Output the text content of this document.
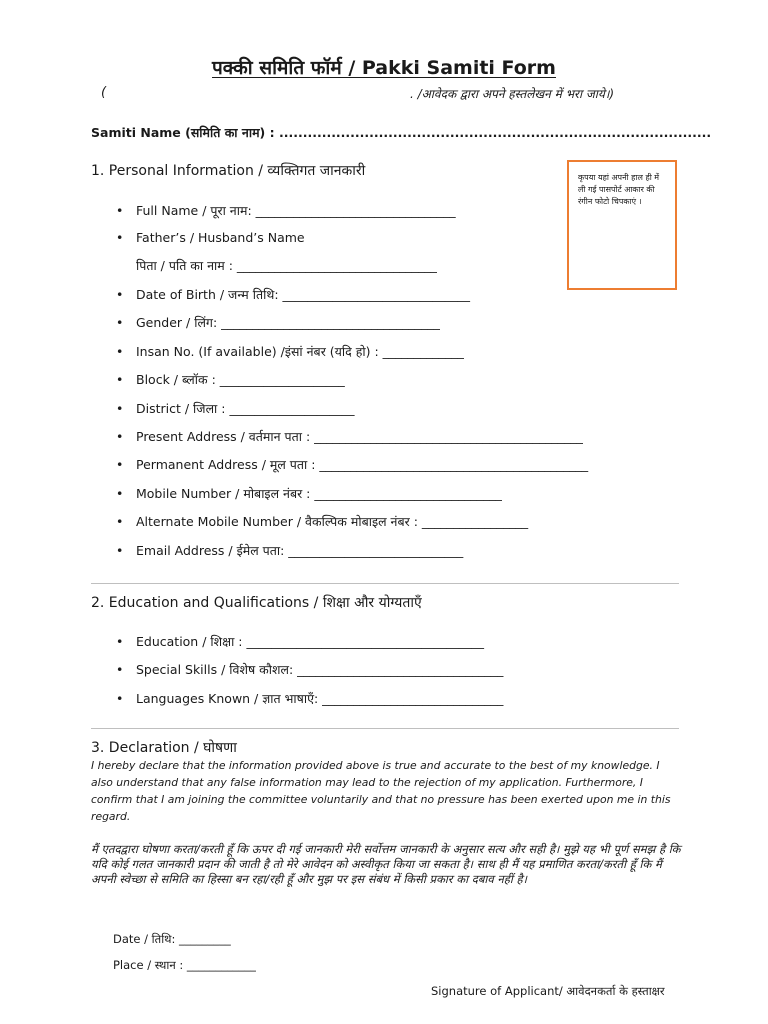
पक्की समिति फॉर्म / Pakki Samiti Form
(	. /आवेदक द्वारा अपने हस्तलेखन में भरा जाये।)
Samiti Name (समिति का नाम) : ...........................................................................................
1. Personal Information / व्यक्तिगत जानकारी	कृपया यहां अपनी हाल ही में ली गई पासपोर्ट आकार की रंगीन फोटो चिपकाएं ।
• Full Name / पूरा नाम: ________________________________
• Father’s / Husband’s Name
पिता / पति का नाम : ________________________________
• Date of Birth / जन्म तिथि: ______________________________
• Gender / लिंग: ___________________________________
• Insan No. (If available) /इंसां नंबर (यदि हो) : _____________
• Block / ब्लॉक : ____________________
• District / जिला : ____________________
• Present Address / वर्तमान पता : ___________________________________________
• Permanent Address / मूल पता : ___________________________________________
• Mobile Number / मोबाइल नंबर : ______________________________
• Alternate Mobile Number / वैकल्पिक मोबाइल नंबर : _________________
• Email Address / ईमेल पता: ____________________________
2. Education and Qualifications / शिक्षा और योग्यताएँ
• Education / शिक्षा : ______________________________________
• Special Skills / विशेष कौशल: _________________________________
• Languages Known / ज्ञात भाषाएँ: _____________________________
3. Declaration / घोषणा
I hereby declare that the information provided above is true and accurate to the best of my knowledge. I also understand that any false information may lead to the rejection of my application. Furthermore, I confirm that I am joining the committee voluntarily and that no pressure has been exerted upon me in this regard.
मैं एतदद्वारा घोषणा करता/करती हूँ कि ऊपर दी गई जानकारी मेरी सर्वोत्तम जानकारी के अनुसार सत्य और सही है। मुझे यह भी पूर्ण समझ है कि यदि कोई गलत जानकारी प्रदान की जाती है तो मेरे आवेदन को अस्वीकृत किया जा सकता है। साथ ही मैं यह प्रमाणित करता/करती हूँ कि मैं अपनी स्वेच्छा से समिति का हिस्सा बन रहा/रही हूँ और मुझ पर इस संबंध में किसी प्रकार का दबाव नहीं है।
Date / तिथि: _________
Place / स्थान : ____________
Signature of Applicant/ आवेदनकर्ता के हस्ताक्षर
